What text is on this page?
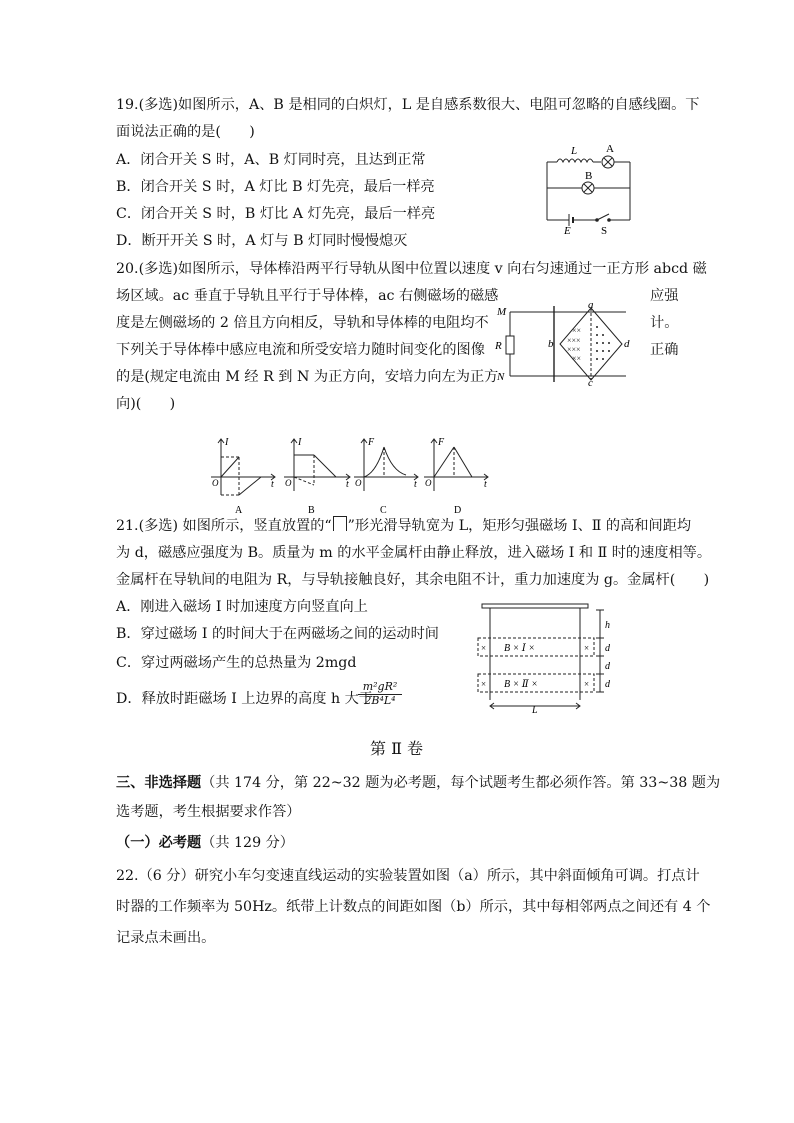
19.(多选)如图所示，A、B 是相同的白炽灯，L 是自感系数很大、电阻可忽略的自感线圈。下
面说法正确的是(　　)
A．闭合开关 S 时，A、B 灯同时亮，且达到正常
B．闭合开关 S 时，A 灯比 B 灯先亮，最后一样亮
C．闭合开关 S 时，B 灯比 A 灯先亮，最后一样亮
D．断开开关 S 时，A 灯与 B 灯同时慢慢熄灭
L	A
B
E	S
20.(多选)如图所示，导体棒沿两平行导轨从图中位置以速度 v 向右匀速通过一正方形 abcd 磁
场区域。ac 垂直于导轨且平行于导体棒，ac 右侧磁场的磁感
度是左侧磁场的 2 倍且方向相反，导轨和导体棒的电阻均不
下列关于导体棒中感应电流和所受安培力随时间变化的图像
的是(规定电流由 M 经 R 到 N 为正方向，安培力向左为正方
向)(　　)
应强
计。
正确
××
×××
×××
××
M
R
N
a
b
c
d
I
t
O
A
I
t
O
B
F
t
O
C
F
t
O
D
21.(多选) 如图所示，竖直放置的“ ”形光滑导轨宽为 L，矩形匀强磁场 Ⅰ、Ⅱ 的高和间距均
为 d，磁感应强度为 B。质量为 m 的水平金属杆由静止释放，进入磁场 Ⅰ 和 Ⅱ 时的速度相等。
金属杆在导轨间的电阻为 R，与导轨接触良好，其余电阻不计，重力加速度为 g。金属杆(　　)
A．刚进入磁场 Ⅰ 时加速度方向竖直向上
B．穿过磁场 Ⅰ 的时间大于在两磁场之间的运动时间
C．穿过两磁场产生的总热量为 2mgd
D．释放时距磁场 Ⅰ 上边界的高度 h 大于
$\frac{\text{m²gR²}}{\text{2B⁴L⁴}}$
×	×
B × Ⅰ ×
×	×
B × Ⅱ ×
h
d
d
d
L
第 Ⅱ 卷
三、非选择题（共 174 分，第 22~32 题为必考题，每个试题考生都必须作答。第 33~38 题为
选考题，考生根据要求作答）
（一）必考题（共 129 分）
22.（6 分）研究小车匀变速直线运动的实验装置如图（a）所示，其中斜面倾角可调。打点计
时器的工作频率为 50Hz。纸带上计数点的间距如图（b）所示，其中每相邻两点之间还有 4 个
记录点未画出。
